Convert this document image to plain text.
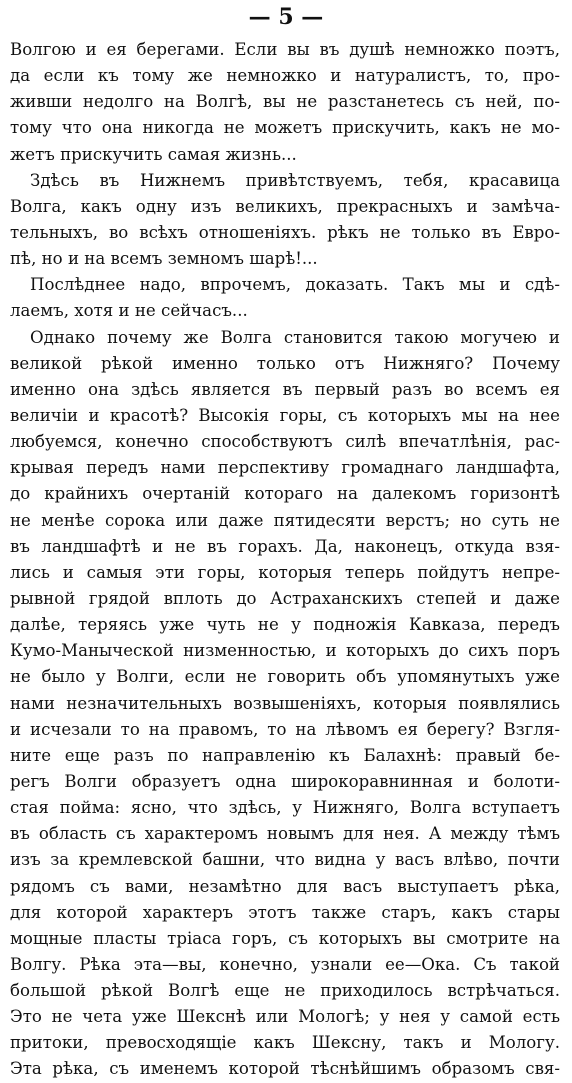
— 5 —
Волгою и ея берегами. Если вы въ душѣ немножко поэтъ,
да если къ тому же немножко и натуралистъ, то, про-
живши недолго на Волгѣ, вы не разстанетесь съ ней, по-
тому что она никогда не можетъ прискучить, какъ не мо-
жетъ прискучить самая жизнь...
Здѣсь въ Нижнемъ привѣтствуемъ, тебя, красавица
Волга, какъ одну изъ великихъ, прекрасныхъ и замѣча-
тельныхъ, во всѣхъ отношеніяхъ. рѣкъ не только въ Евро-
пѣ, но и на всемъ земномъ шарѣ!...
Послѣднее надо, впрочемъ, доказать. Такъ мы и сдѣ-
лаемъ, хотя и не сейчасъ...
Однако почему же Волга становится такою могучею и
великой рѣкой именно только отъ Нижняго? Почему
именно она здѣсь является въ первый разъ во всемъ ея
величіи и красотѣ? Высокія горы, съ которыхъ мы на нее
любуемся, конечно способствуютъ силѣ впечатлѣнія, рас-
крывая передъ нами перспективу громаднаго ландшафта,
до крайнихъ очертаній котораго на далекомъ горизонтѣ
не менѣе сорока или даже пятидесяти верстъ; но суть не
въ ландшафтѣ и не въ горахъ. Да, наконецъ, откуда взя-
лись и самыя эти горы, которыя теперь пойдутъ непре-
рывной грядой вплоть до Астраханскихъ степей и даже
далѣе, теряясь уже чуть не у подножія Кавказа, передъ
Кумо-Маныческой низменностью, и которыхъ до сихъ поръ
не было у Волги, если не говорить объ упомянутыхъ уже
нами незначительныхъ возвышеніяхъ, которыя появлялись
и исчезали то на правомъ, то на лѣвомъ ея берегу? Взгля-
ните еще разъ по направленію къ Балахнѣ: правый бе-
регъ Волги образуетъ одна широкоравнинная и болоти-
стая пойма: ясно, что здѣсь, у Нижняго, Волга вступаетъ
въ область съ характеромъ новымъ для нея. А между тѣмъ
изъ за кремлевской башни, что видна у васъ влѣво, почти
рядомъ съ вами, незамѣтно для васъ выступаетъ рѣка,
для которой характеръ этотъ также старъ, какъ стары
мощные пласты тріаса горъ, съ которыхъ вы смотрите на
Волгу. Рѣка эта—вы, конечно, узнали ее—Ока. Съ такой
большой рѣкой Волгѣ еще не приходилось встрѣчаться.
Это не чета уже Шекснѣ или Мологѣ; у нея у самой есть
притоки, превосходящіе какъ Шексну, такъ и Мологу.
Эта рѣка, съ именемъ которой тѣснѣйшимъ образомъ свя-
